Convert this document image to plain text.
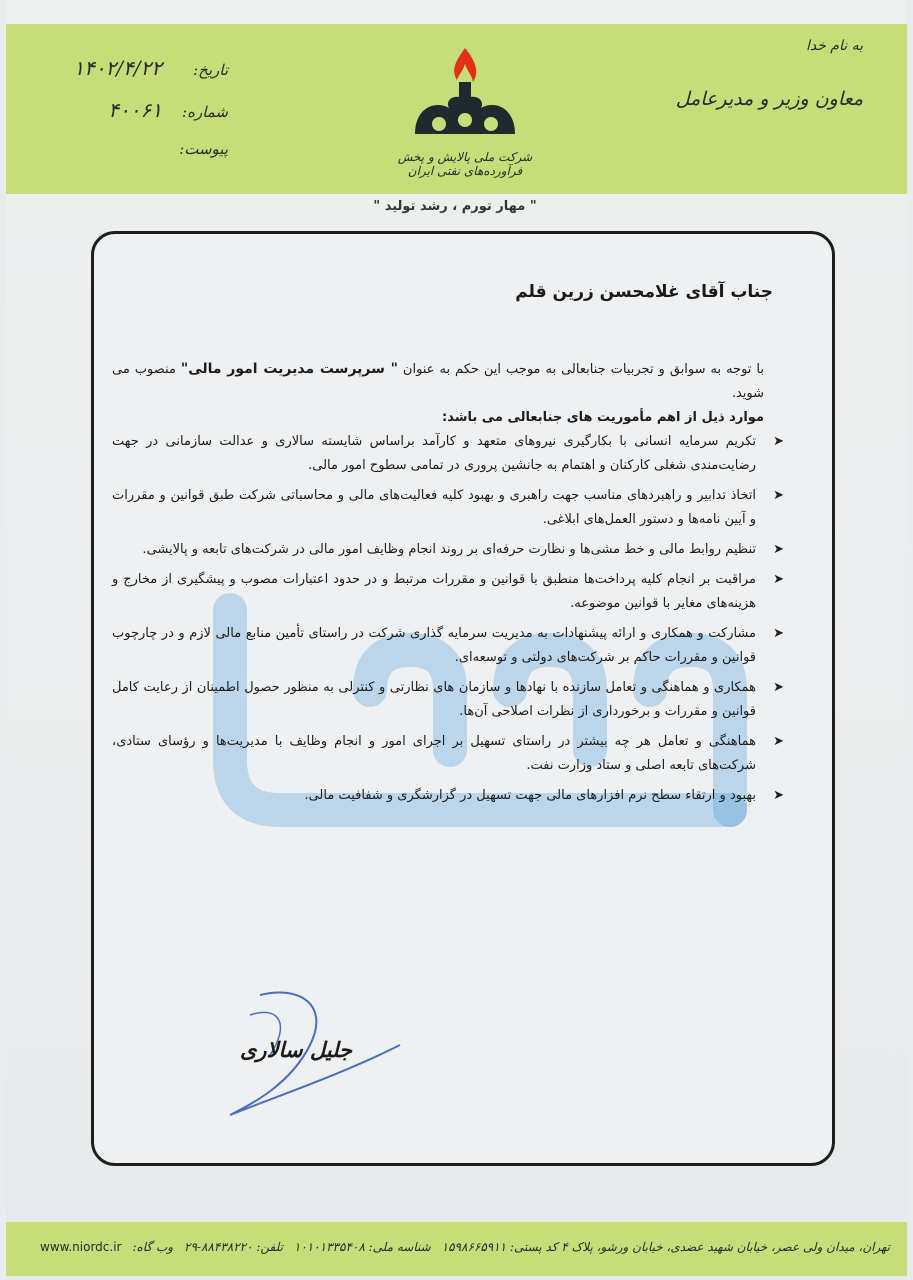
به نام خدا
معاون وزیر و مدیرعامل
تاریخ:
۱۴۰۲/۴/۲۲
شماره:
۴۰۰۶۱
پیوست:	شرکت ملی پالایش و پخش فرآورده‌های نفتی ایران
" مهار تورم ، رشد تولید "
جناب آقای غلامحسن زرین قلم

با توجه به سوابق و تجربیات جنابعالی به موجب این حکم به عنوان " سرپرست مدیریت امور مالی" منصوب می شوید.

موارد ذیل از اهم مأموریت های جنابعالی می باشد:

➤
تکریم سرمایه انسانی با بکارگیری نیروهای متعهد و کارآمد براساس شایسته سالاری و عدالت سازمانی در جهت رضایت‌مندی شغلی کارکنان و اهتمام به جانشین پروری در تمامی سطوح امور مالی.
➤
اتخاذ تدابیر و راهبردهای مناسب جهت راهبری و بهبود کلیه فعالیت‌های مالی و محاسباتی شرکت طبق قوانین و مقررات و آیین نامه‌ها و دستور العمل‌های ابلاغی.
➤
تنظیم روابط مالی و خط مشی‌ها و نظارت حرفه‌ای بر روند انجام وظایف امور مالی در شرکت‌های تابعه و پالایشی.
➤
مراقبت بر انجام کلیه پرداخت‌ها منطبق با قوانین و مقررات مرتبط و در حدود اعتبارات مصوب و پیشگیری از مخارج و هزینه‌های مغایر با قوانین موضوعه.
➤
مشارکت و همکاری و ارائه پیشنهادات به مدیریت سرمایه گذاری شرکت در راستای تأمین منابع مالی لازم و در چارچوب قوانین و مقررات حاکم بر شرکت‌های دولتی و توسعه‌ای.
➤
همکاری و هماهنگی و تعامل سازنده با نهادها و سازمان های نظارتی و کنترلی به منظور حصول اطمینان از رعایت کامل قوانین و مقررات و برخورداری از نظرات اصلاحی آن‌ها.
➤
هماهنگی و تعامل هر چه بیشتر در راستای تسهیل بر اجرای امور و انجام وظایف با مدیریت‌ها و رؤسای ستادی، شرکت‌های تابعه اصلی و ستاد وزارت نفت.
➤
بهبود و ارتقاء سطح نرم افزارهای مالی جهت تسهیل در گزارشگری و شفافیت مالی.
جلیل سالاری
تهران، میدان ولی عصر، خیابان شهید عضدی، خیابان ورشو، پلاک ۴ کد پستی: ۱۵۹۸۶۶۵۹۱۱
شناسه ملی: ۱۰۱۰۱۳۳۵۴۰۸
تلفن: ۸۸۴۳۸۲۲۰-۲۹
وب گاه:
www.niordc.ir
